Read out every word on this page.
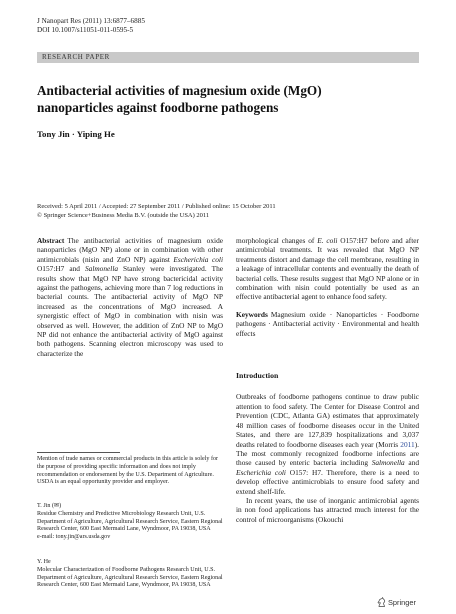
J Nanopart Res (2011) 13:6877–6885
DOI 10.1007/s11051-011-0595-5
RESEARCH PAPER
Antibacterial activities of magnesium oxide (MgO) nanoparticles against foodborne pathogens
Tony Jin · Yiping He
Received: 5 April 2011 / Accepted: 27 September 2011 / Published online: 15 October 2011
© Springer Science+Business Media B.V. (outside the USA) 2011

Abstract The antibacterial activities of magnesium oxide nanoparticles (MgO NP) alone or in combination with other antimicrobials (nisin and ZnO NP) against Escherichia coli O157:H7 and Salmonella Stanley were investigated. The results show that MgO NP have strong bactericidal activity against the pathogens, achieving more than 7 log reductions in bacterial counts. The antibacterial activity of MgO NP increased as the concentrations of MgO increased. A synergistic effect of MgO in combination with nisin was observed as well. However, the addition of ZnO NP to MgO NP did not enhance the antibacterial activity of MgO against both pathogens. Scanning electron microscopy was used to characterize the

Mention of trade names or commercial products in this article is solely for the purpose of providing specific information and does not imply recommendation or endorsement by the U.S. Department of Agriculture. USDA is an equal opportunity provider and employer.
T. Jin (✉)
Residue Chemistry and Predictive Microbiology Research Unit, U.S. Department of Agriculture, Agricultural Research Service, Eastern Regional Research Center, 600 East Mermaid Lane, Wyndmoor, PA 19038, USA
e-mail: tony.jin@ars.usda.gov
Y. He
Molecular Characterization of Foodborne Pathogens Research Unit, U.S. Department of Agriculture, Agricultural Research Service, Eastern Regional Research Center, 600 East Mermaid Lane, Wyndmoor, PA 19038, USA

morphological changes of E. coli O157:H7 before and after antimicrobial treatments. It was revealed that MgO NP treatments distort and damage the cell membrane, resulting in a leakage of intracellular contents and eventually the death of bacterial cells. These results suggest that MgO NP alone or in combination with nisin could potentially be used as an effective antibacterial agent to enhance food safety.

Keywords Magnesium oxide · Nanoparticles · Foodborne pathogens · Antibacterial activity · Environmental and health effects

Introduction

Outbreaks of foodborne pathogens continue to draw public attention to food safety. The Center for Disease Control and Prevention (CDC, Atlanta GA) estimates that approximately 48 million cases of foodborne diseases occur in the United States, and there are 127,839 hospitalizations and 3,037 deaths related to foodborne diseases each year (Morris 2011). The most commonly recognized foodborne infections are those caused by enteric bacteria including Salmonella and Escherichia coli O157: H7. Therefore, there is a need to develop effective antimicrobials to ensure food safety and extend shelf-life.

In recent years, the use of inorganic antimicrobial agents in non food applications has attracted much interest for the control of microorganisms (Okouchi

Springer
